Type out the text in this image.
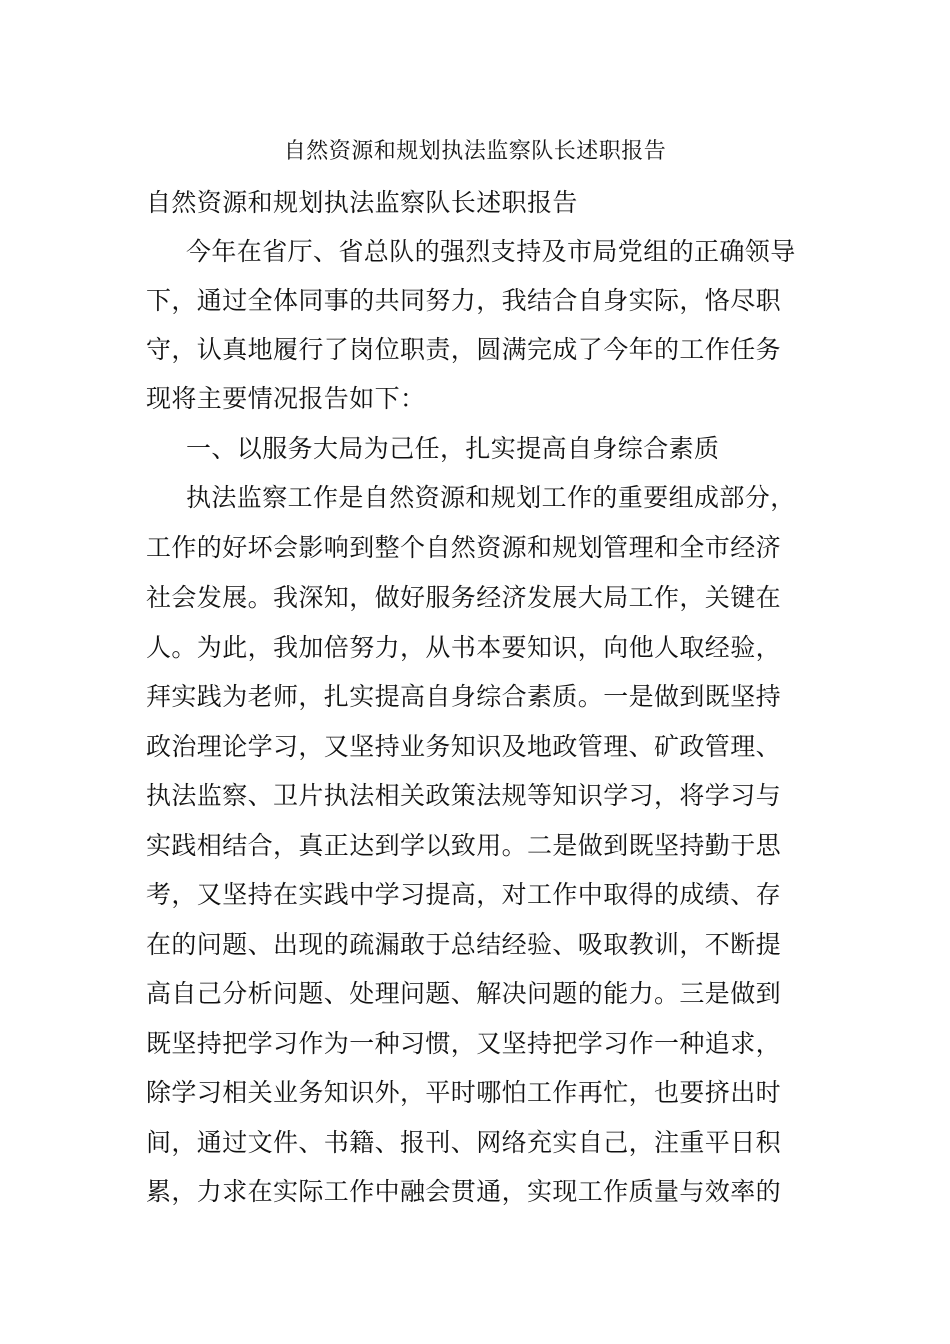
自然资源和规划执法监察队长述职报告
自然资源和规划执法监察队长述职报告
今年在省厅、省总队的强烈支持及市局党组的正确领导
下，通过全体同事的共同努力，我结合自身实际，恪尽职
守，认真地履行了岗位职责，圆满完成了今年的工作任务
现将主要情况报告如下：
一、以服务大局为己任，扎实提高自身综合素质
执法监察工作是自然资源和规划工作的重要组成部分，
工作的好坏会影响到整个自然资源和规划管理和全市经济
社会发展。我深知，做好服务经济发展大局工作，关键在
人。为此，我加倍努力，从书本要知识，向他人取经验，
拜实践为老师，扎实提高自身综合素质。一是做到既坚持
政治理论学习，又坚持业务知识及地政管理、矿政管理、
执法监察、卫片执法相关政策法规等知识学习，将学习与
实践相结合，真正达到学以致用。二是做到既坚持勤于思
考，又坚持在实践中学习提高，对工作中取得的成绩、存
在的问题、出现的疏漏敢于总结经验、吸取教训，不断提
高自己分析问题、处理问题、解决问题的能力。三是做到
既坚持把学习作为一种习惯，又坚持把学习作一种追求，
除学习相关业务知识外，平时哪怕工作再忙，也要挤出时
间，通过文件、书籍、报刊、网络充实自己，注重平日积
累，力求在实际工作中融会贯通，实现工作质量与效率的
